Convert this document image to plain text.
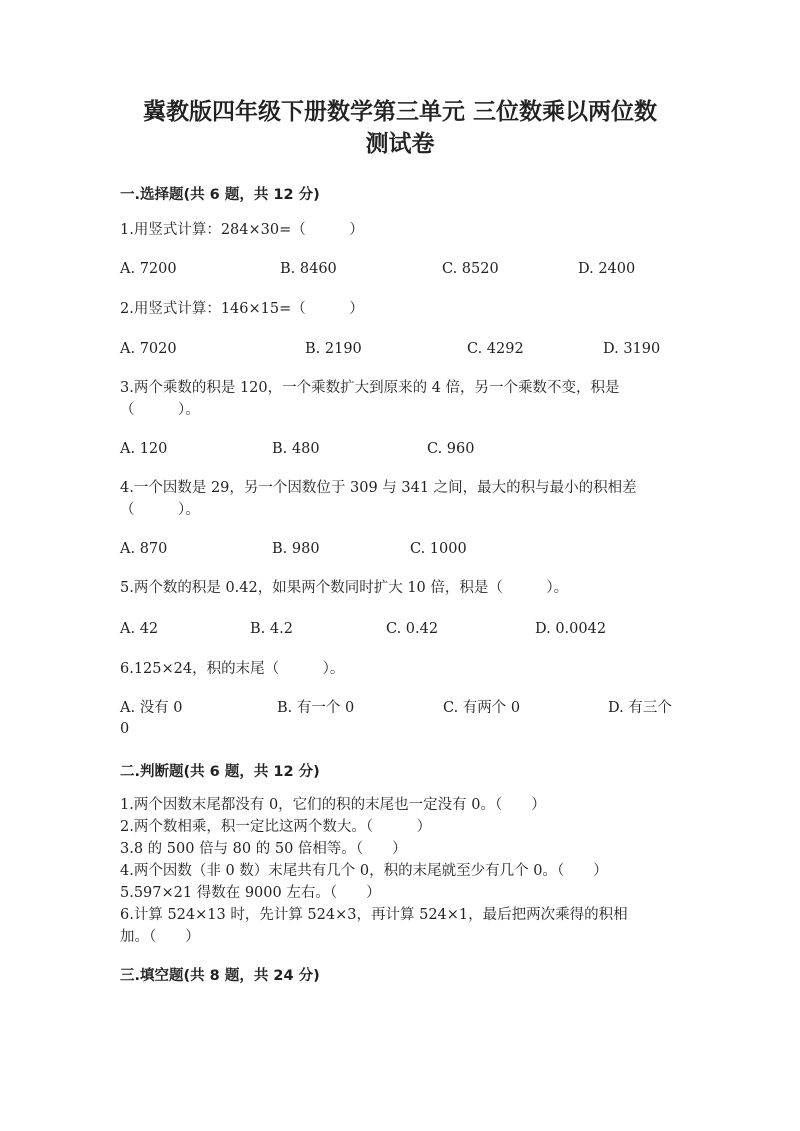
冀教版四年级下册数学第三单元 三位数乘以两位数
测试卷
一.选择题(共 6 题，共 12 分)
1.用竖式计算：284×30=（　　　）
A. 7200	B. 8460	C. 8520	D. 2400
2.用竖式计算：146×15=（　　　）
A. 7020	B. 2190	C. 4292	D. 3190
3.两个乘数的积是 120，一个乘数扩大到原来的 4 倍，另一个乘数不变，积是
（　　　）。
A. 120	B. 480	C. 960
4.一个因数是 29，另一个因数位于 309 与 341 之间，最大的积与最小的积相差
（　　　）。
A. 870	B. 980	C. 1000
5.两个数的积是 0.42，如果两个数同时扩大 10 倍，积是（　　　）。
A. 42	B. 4.2	C. 0.42	D. 0.0042
6.125×24，积的末尾（　　　）。
A. 没有 0	B. 有一个 0	C. 有两个 0	D. 有三个
0
二.判断题(共 6 题，共 12 分)
1.两个因数末尾都没有 0，它们的积的末尾也一定没有 0。（　　）
2.两个数相乘，积一定比这两个数大。（　　　）
3.8 的 500 倍与 80 的 50 倍相等。（　　）
4.两个因数（非 0 数）末尾共有几个 0，积的末尾就至少有几个 0。（　　）
5.597×21 得数在 9000 左右。（　　）
6.计算 524×13 时，先计算 524×3，再计算 524×1，最后把两次乘得的积相
加。（　　）
三.填空题(共 8 题，共 24 分)
